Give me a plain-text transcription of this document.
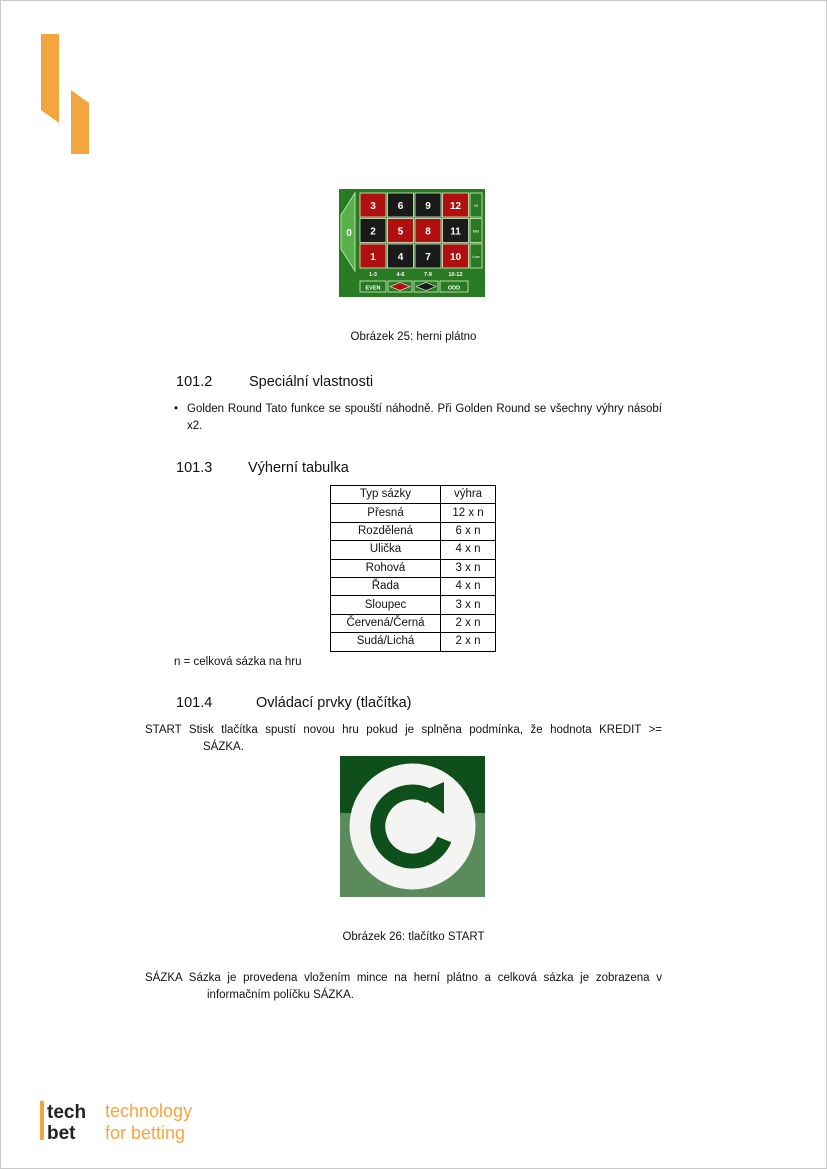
0
3 6 9 12
2 5 8 11
1 4 7 10
Hi
Mid
Low
1-3	4-6	7-9	10-12
EVEN	ODD
Obrázek 25: herni plátno
101.2	Speciální vlastnosti
• Golden Round Tato funkce se spouští náhodně. Při Golden Round se všechny výhry násobí x2.
101.3 Výherní tabulka
Typ sázky	výhra
Přesná	12 x n
Rozdělená	6 x n
Ulička	4 x n
Rohová	3 x n
Řada	4 x n
Sloupec	3 x n
Červená/Černá	2 x n
Sudá/Lichá	2 x n
n = celková sázka na hru
101.4	Ovládací prvky (tlačítka)
START Stisk tlačítka spustí novou hru pokud je splněna podmínka, že hodnota KREDIT >=
SÁZKA.
Obrázek 26: tlačítko START
SÁZKA Sázka je provedena vložením mince na herní plátno a celková sázka je zobrazena v
informačním políčku SÁZKA.
tech
bet
technology
for betting
